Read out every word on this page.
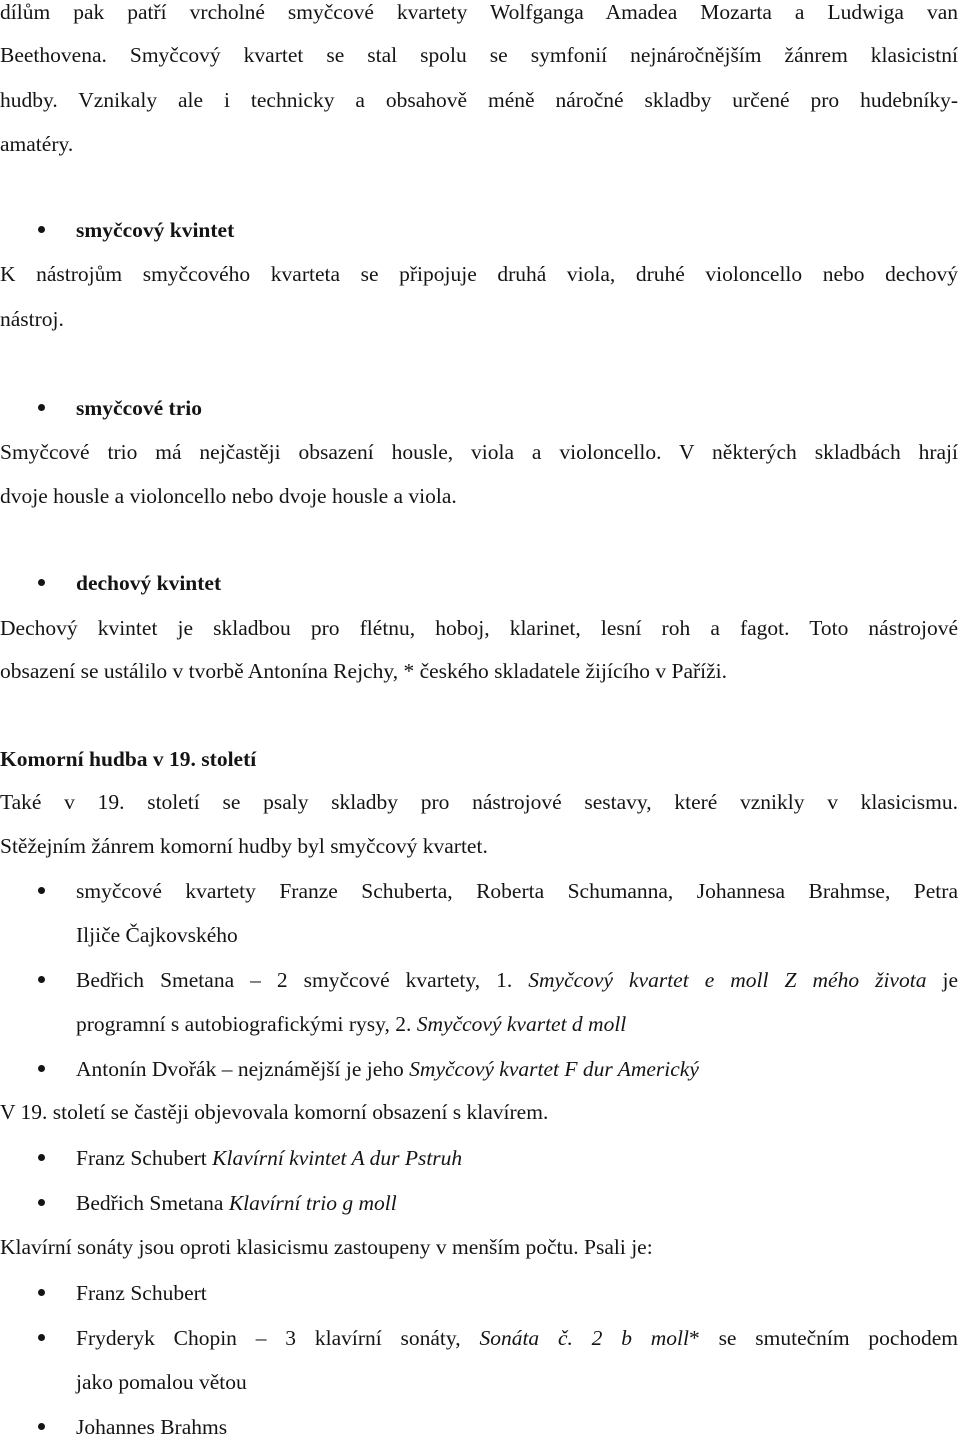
dílům pak patří vrcholné smyčcové kvartety Wolfganga Amadea Mozarta a Ludwiga van
Beethovena. Smyčcový kvartet se stal spolu se symfonií nejnáročnějším žánrem klasicistní
hudby. Vznikaly ale i technicky a obsahově méně náročné skladby určené pro hudebníky-
amatéry.
smyčcový kvintet
K nástrojům smyčcového kvarteta se připojuje druhá viola, druhé violoncello nebo dechový
nástroj.
smyčcové trio
Smyčcové trio má nejčastěji obsazení housle, viola a violoncello. V některých skladbách hrají
dvoje housle a violoncello nebo dvoje housle a viola.
dechový kvintet
Dechový kvintet je skladbou pro flétnu, hoboj, klarinet, lesní roh a fagot. Toto nástrojové
obsazení se ustálilo v tvorbě Antonína Rejchy, * českého skladatele žijícího v Paříži.
Komorní hudba v 19. století
Také v 19. století se psaly skladby pro nástrojové sestavy, které vznikly v klasicismu.
Stěžejním žánrem komorní hudby byl smyčcový kvartet.
smyčcové kvartety Franze Schuberta, Roberta Schumanna, Johannesa Brahmse, Petra
Iljiče Čajkovského
Bedřich Smetana – 2 smyčcové kvartety, 1. Smyčcový kvartet e moll Z mého života je
programní s autobiografickými rysy, 2. Smyčcový kvartet d moll
Antonín Dvořák – nejznámější je jeho Smyčcový kvartet F dur Americký
V 19. století se častěji objevovala komorní obsazení s klavírem.
Franz Schubert Klavírní kvintet A dur Pstruh
Bedřich Smetana Klavírní trio g moll
Klavírní sonáty jsou oproti klasicismu zastoupeny v menším počtu. Psali je:
Franz Schubert
Fryderyk Chopin – 3 klavírní sonáty, Sonáta č. 2 b moll* se smutečním pochodem
jako pomalou větou
Johannes Brahms
